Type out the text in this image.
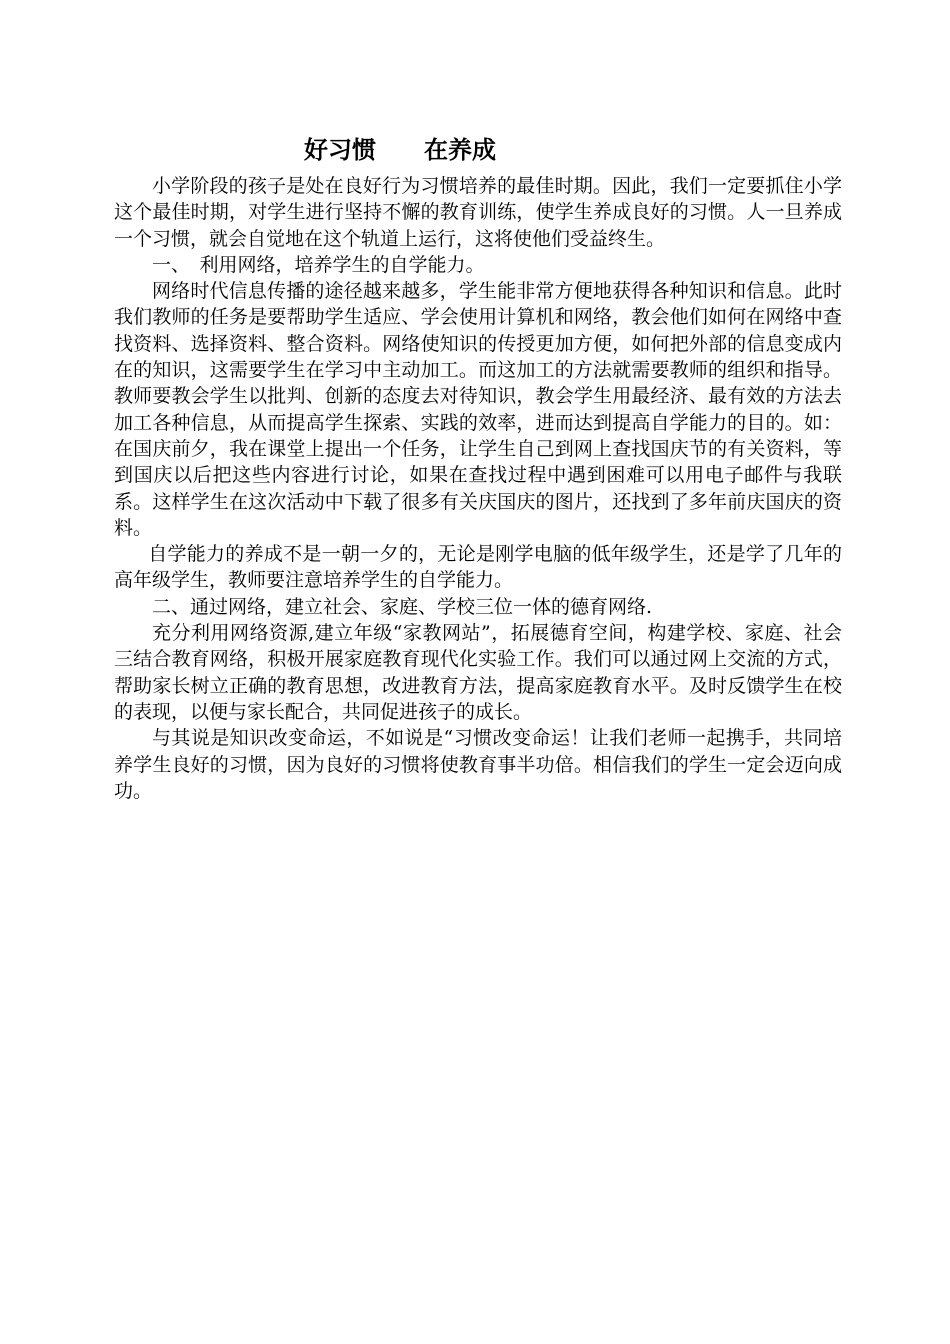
好习惯　　在养成

小学阶段的孩子是处在良好行为习惯培养的最佳时期。因此，我们一定要抓住小学这个最佳时期，对学生进行坚持不懈的教育训练，使学生养成良好的习惯。人一旦养成一个习惯，就会自觉地在这个轨道上运行，这将使他们受益终生。

一、　利用网络，培养学生的自学能力。

网络时代信息传播的途径越来越多，学生能非常方便地获得各种知识和信息。此时我们教师的任务是要帮助学生适应、学会使用计算机和网络，教会他们如何在网络中查找资料、选择资料、整合资料。网络使知识的传授更加方便，如何把外部的信息变成内在的知识，这需要学生在学习中主动加工。而这加工的方法就需要教师的组织和指导。教师要教会学生以批判、创新的态度去对待知识，教会学生用最经济、最有效的方法去加工各种信息，从而提高学生探索、实践的效率，进而达到提高自学能力的目的。如：在国庆前夕，我在课堂上提出一个任务，让学生自己到网上查找国庆节的有关资料，等到国庆以后把这些内容进行讨论，如果在查找过程中遇到困难可以用电子邮件与我联系。这样学生在这次活动中下载了很多有关庆国庆的图片，还找到了多年前庆国庆的资料。

自学能力的养成不是一朝一夕的，无论是刚学电脑的低年级学生，还是学了几年的高年级学生，教师要注意培养学生的自学能力。

二、通过网络，建立社会、家庭、学校三位一体的德育网络.

充分利用网络资源,建立年级“家教网站”，拓展德育空间，构建学校、家庭、社会三结合教育网络，积极开展家庭教育现代化实验工作。我们可以通过网上交流的方式，帮助家长树立正确的教育思想，改进教育方法，提高家庭教育水平。及时反馈学生在校的表现，以便与家长配合，共同促进孩子的成长。

与其说是知识改变命运，不如说是“习惯改变命运！让我们老师一起携手，共同培养学生良好的习惯，因为良好的习惯将使教育事半功倍。相信我们的学生一定会迈向成功。
